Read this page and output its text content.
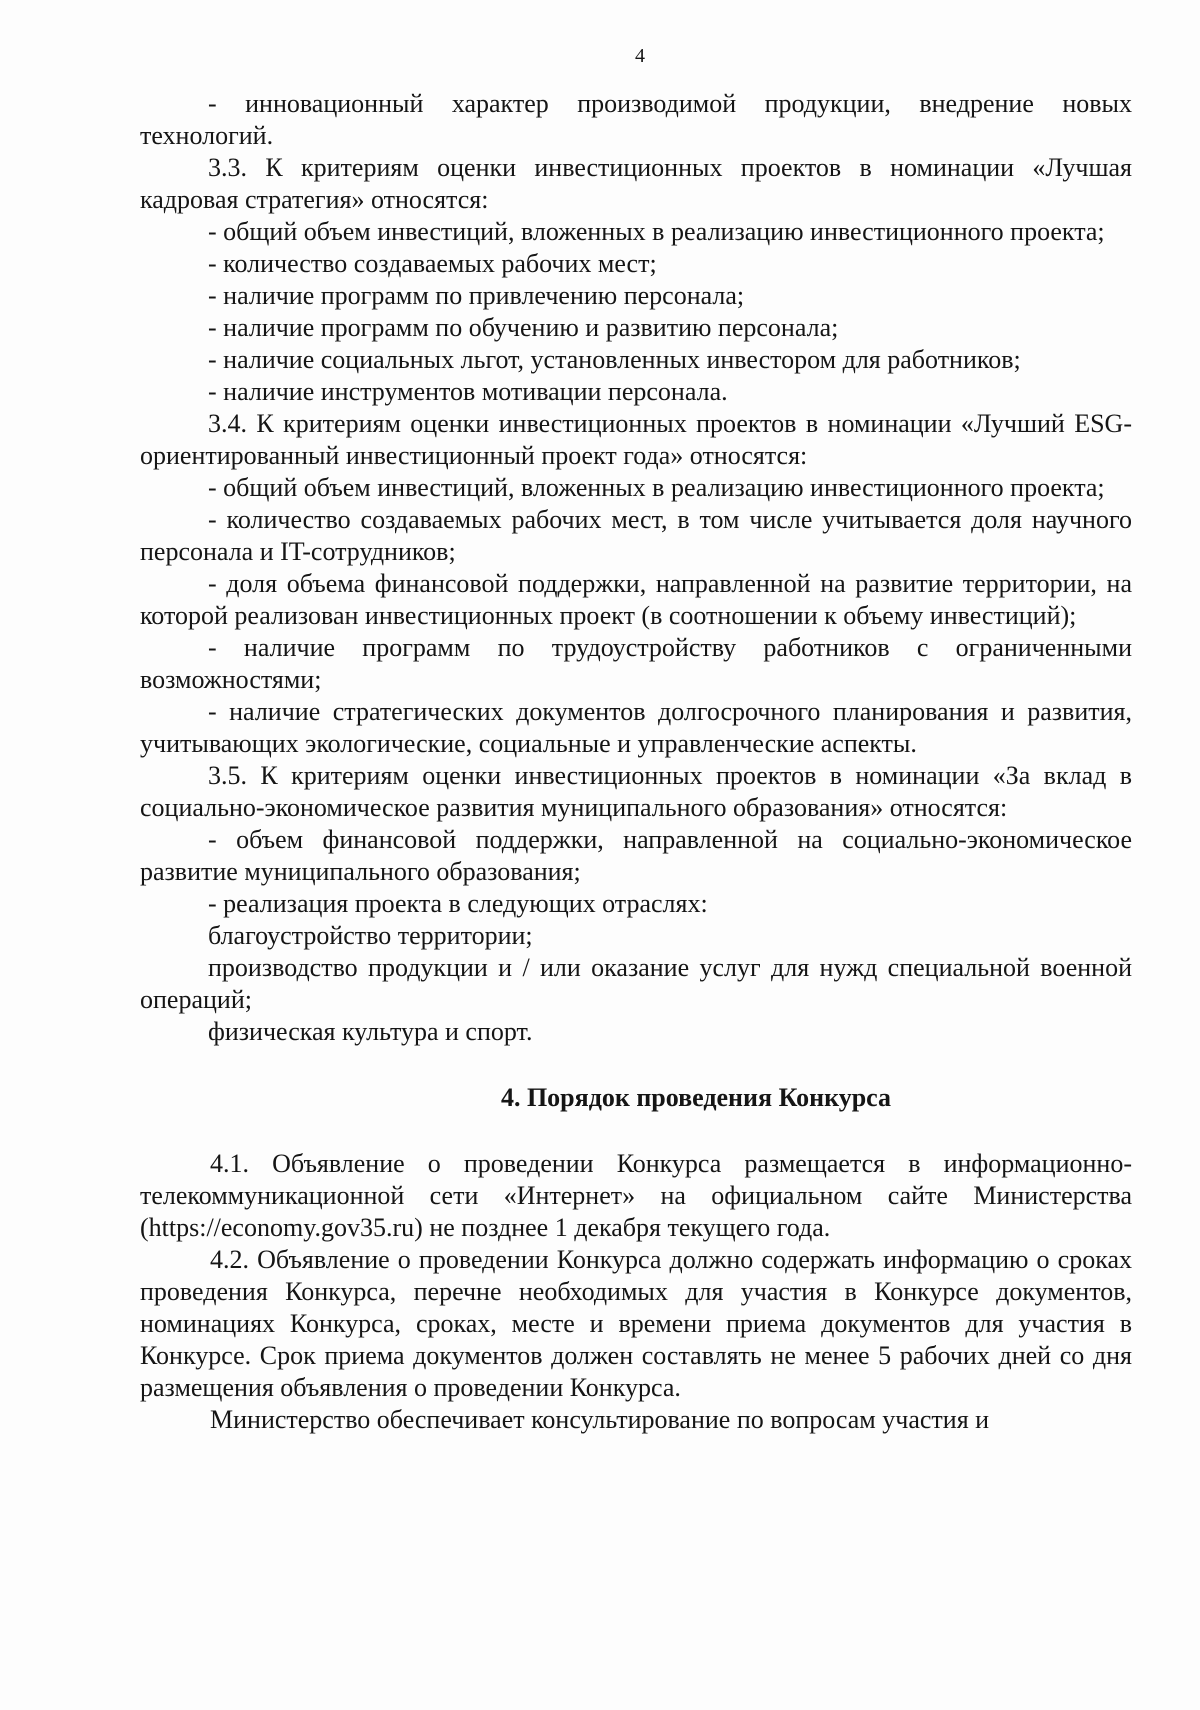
4

- инновационный характер производимой продукции, внедрение новых технологий.

3.3. К критериям оценки инвестиционных проектов в номинации «Лучшая кадровая стратегия» относятся:

- общий объем инвестиций, вложенных в реализацию инвестиционного проекта;

- количество создаваемых рабочих мест;

- наличие программ по привлечению персонала;

- наличие программ по обучению и развитию персонала;

- наличие социальных льгот, установленных инвестором для работников;

- наличие инструментов мотивации персонала.

3.4. К критериям оценки инвестиционных проектов в номинации «Лучший ESG-ориентированный инвестиционный проект года» относятся:

- общий объем инвестиций, вложенных в реализацию инвестиционного проекта;

- количество создаваемых рабочих мест, в том числе учитывается доля научного персонала и IT-сотрудников;

- доля объема финансовой поддержки, направленной на развитие территории, на которой реализован инвестиционных проект (в соотношении к объему инвестиций);

- наличие программ по трудоустройству работников с ограниченными возможностями;

- наличие стратегических документов долгосрочного планирования и развития, учитывающих экологические, социальные и управленческие аспекты.

3.5. К критериям оценки инвестиционных проектов в номинации «За вклад в социально-экономическое развития муниципального образования» относятся:

- объем финансовой поддержки, направленной на социально-экономическое развитие муниципального образования;

- реализация проекта в следующих отраслях:

благоустройство территории;

производство продукции и / или оказание услуг для нужд специальной военной операций;

физическая культура и спорт.

4. Порядок проведения Конкурса

4.1. Объявление о проведении Конкурса размещается в информационно-телекоммуникационной сети «Интернет» на официальном сайте Министерства (https://economy.gov35.ru) не позднее 1 декабря текущего года.

4.2. Объявление о проведении Конкурса должно содержать информацию о сроках проведения Конкурса, перечне необходимых для участия в Конкурсе документов, номинациях Конкурса, сроках, месте и времени приема документов для участия в Конкурсе. Срок приема документов должен составлять не менее 5 рабочих дней со дня размещения объявления о проведении Конкурса.

Министерство обеспечивает консультирование по вопросам участия и
